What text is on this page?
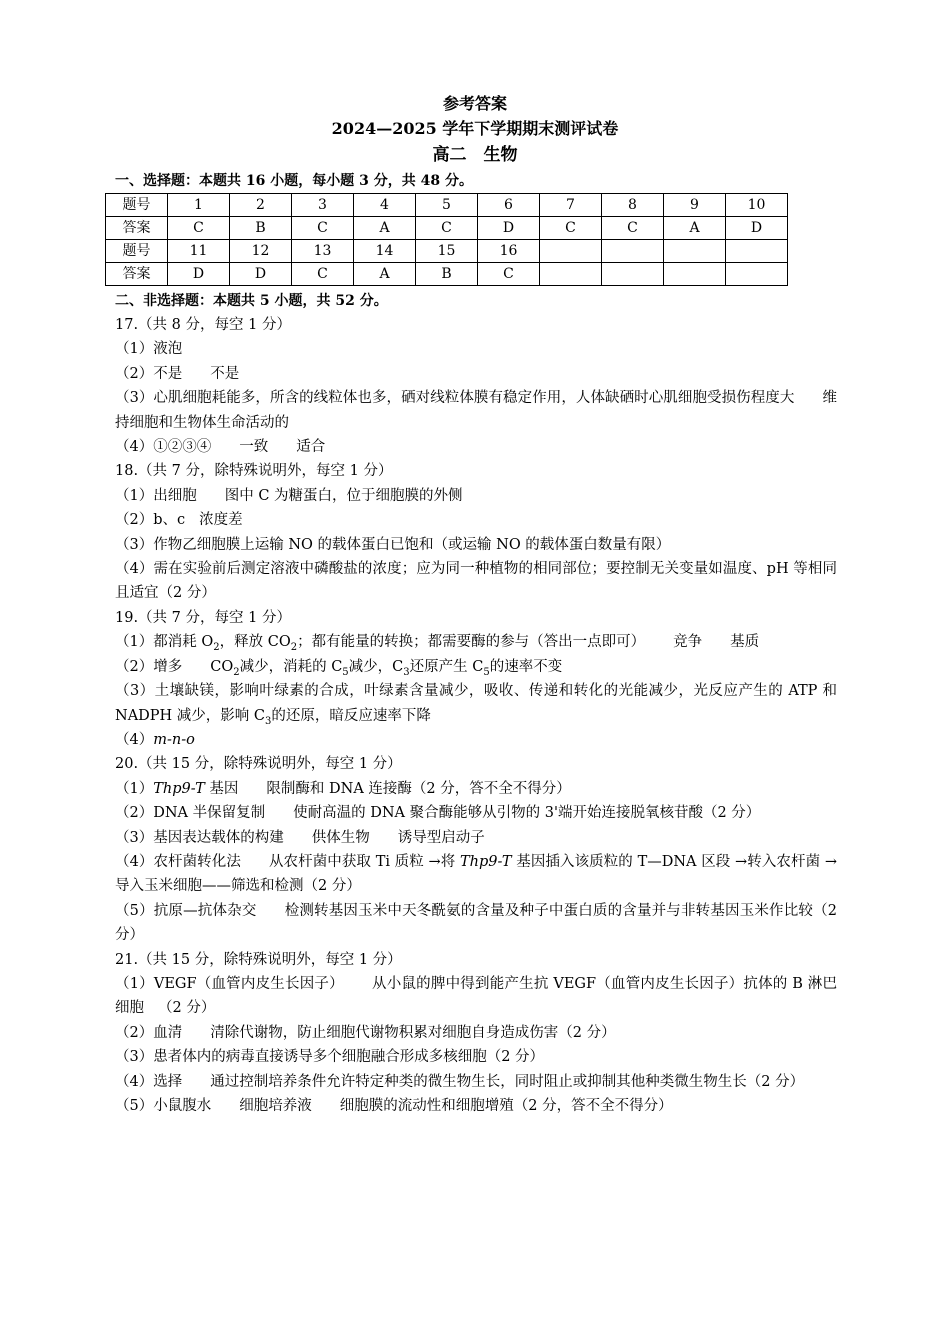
参考答案
2024—2025 学年下学期期末测评试卷
高二　生物
一、选择题：本题共 16 小题，每小题 3 分，共 48 分。
题号	1	2	3	4	5	6	7	8	9	10
答案	C	B	C	A	C	D	C	C	A	D
题号	11	12	13	14	15	16				
答案	D	D	C	A	B	C				
二、非选择题：本题共 5 小题，共 52 分。

17.（共 8 分，每空 1 分）

（1）液泡

（2）不是 不是

（3）心肌细胞耗能多，所含的线粒体也多，硒对线粒体膜有稳定作用，人体缺硒时心肌细胞受损伤程度大 维持细胞和生物体生命活动的

（4）①②③④ 一致 适合

18.（共 7 分，除特殊说明外，每空 1 分）

（1）出细胞 图中 C 为糖蛋白，位于细胞膜的外侧

（2）b、c 浓度差

（3）作物乙细胞膜上运输 NO 的载体蛋白已饱和（或运输 NO 的载体蛋白数量有限）

（4）需在实验前后测定溶液中磷酸盐的浓度；应为同一种植物的相同部位；要控制无关变量如温度、pH 等相同且适宜（2 分）

19.（共 7 分，每空 1 分）

（1）都消耗 $O_2$，释放 $CO_2$；都有能量的转换；都需要酶的参与（答出一点即可） 竞争 基质

（2）增多 $CO_2$减少，消耗的 $C_5$减少，$C_3$还原产生 $C_5$的速率不变

（3）土壤缺镁，影响叶绿素的合成，叶绿素含量减少，吸收、传递和转化的光能减少，光反应产生的 ATP 和 NADPH 减少，影响 $C_3$的还原，暗反应速率下降

（4）m-n-o

20.（共 15 分，除特殊说明外，每空 1 分）

（1）Thp9-T 基因 限制酶和 DNA 连接酶（2 分，答不全不得分）

（2）DNA 半保留复制 使耐高温的 DNA 聚合酶能够从引物的 3'端开始连接脱氧核苷酸（2 分）

（3）基因表达载体的构建 供体生物 诱导型启动子

（4）农杆菌转化法 从农杆菌中获取 Ti 质粒 →将 Thp9-T 基因插入该质粒的 T—DNA 区段 →转入农杆菌 → 导入玉米细胞——筛选和检测（2 分）

（5）抗原—抗体杂交 检测转基因玉米中天冬酰氨的含量及种子中蛋白质的含量并与非转基因玉米作比较（2 分）

21.（共 15 分，除特殊说明外，每空 1 分）

（1）VEGF（血管内皮生长因子） 从小鼠的脾中得到能产生抗 VEGF（血管内皮生长因子）抗体的 B 淋巴细胞 （2 分）

（2）血清 清除代谢物，防止细胞代谢物积累对细胞自身造成伤害（2 分）

（3）患者体内的病毒直接诱导多个细胞融合形成多核细胞（2 分）

（4）选择 通过控制培养条件允许特定种类的微生物生长，同时阻止或抑制其他种类微生物生长（2 分）

（5）小鼠腹水 细胞培养液 细胞膜的流动性和细胞增殖（2 分，答不全不得分）
